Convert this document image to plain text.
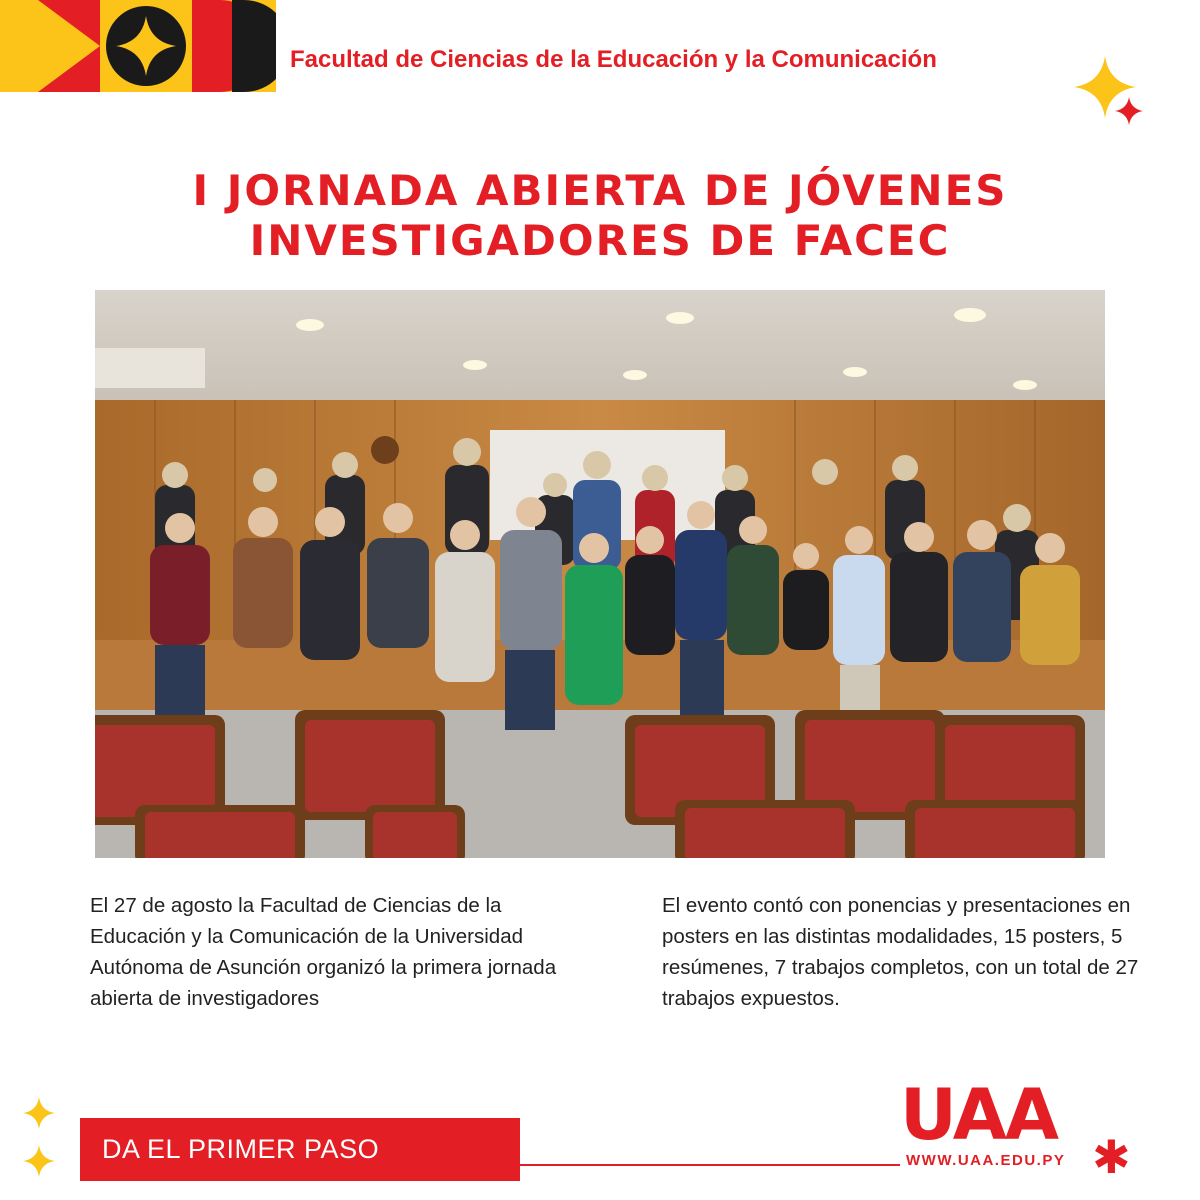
Facultad de Ciencias de la Educación y la Comunicación
I JORNADA ABIERTA DE JÓVENES
INVESTIGADORES DE FACEC
El 27 de agosto la Facultad de Ciencias de la Educación y la Comunicación de la Universidad Autónoma de Asunción organizó la primera jornada abierta de investigadores
El evento contó con ponencias y presentaciones en posters en las distintas modalidades, 15 posters, 5 resúmenes, 7 trabajos completos, con un total de 27 trabajos expuestos.
DA EL PRIMER PASO	UAA
WWW.UAA.EDU.PY ✱
